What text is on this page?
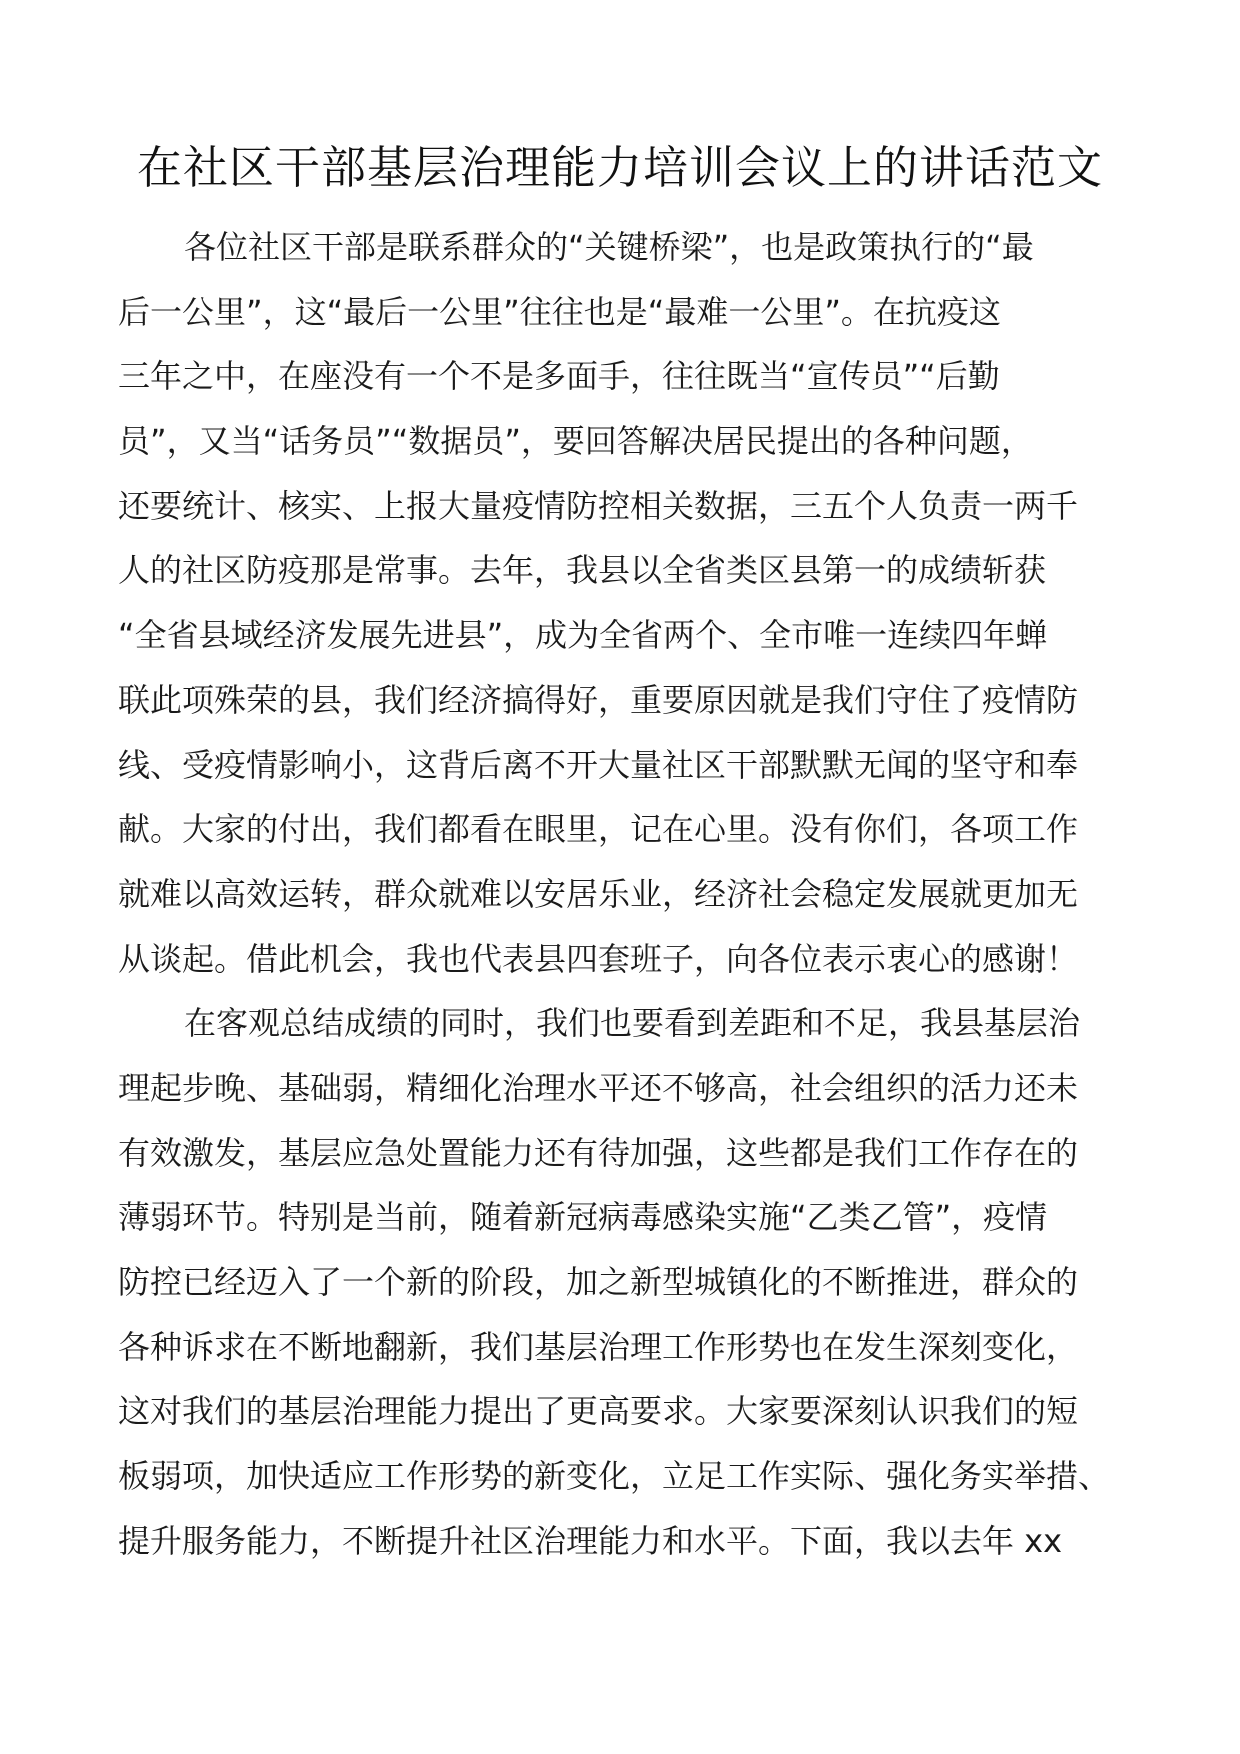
在社区干部基层治理能力培训会议上的讲话范文

各位社区干部是联系群众的“关键桥梁”，也是政策执行的“最
后一公里”，这“最后一公里”往往也是“最难一公里”。在抗疫这
三年之中，在座没有一个不是多面手，往往既当“宣传员”“后勤
员”，又当“话务员”“数据员”，要回答解决居民提出的各种问题，
还要统计、核实、上报大量疫情防控相关数据，三五个人负责一两千
人的社区防疫那是常事。去年，我县以全省类区县第一的成绩斩获
“全省县域经济发展先进县”，成为全省两个、全市唯一连续四年蝉
联此项殊荣的县，我们经济搞得好，重要原因就是我们守住了疫情防
线、受疫情影响小，这背后离不开大量社区干部默默无闻的坚守和奉
献。大家的付出，我们都看在眼里，记在心里。没有你们，各项工作
就难以高效运转，群众就难以安居乐业，经济社会稳定发展就更加无
从谈起。借此机会，我也代表县四套班子，向各位表示衷心的感谢！

在客观总结成绩的同时，我们也要看到差距和不足，我县基层治
理起步晚、基础弱，精细化治理水平还不够高，社会组织的活力还未
有效激发，基层应急处置能力还有待加强，这些都是我们工作存在的
薄弱环节。特别是当前，随着新冠病毒感染实施“乙类乙管”，疫情
防控已经迈入了一个新的阶段，加之新型城镇化的不断推进，群众的
各种诉求在不断地翻新，我们基层治理工作形势也在发生深刻变化，
这对我们的基层治理能力提出了更高要求。大家要深刻认识我们的短
板弱项，加快适应工作形势的新变化，立足工作实际、强化务实举措、
提升服务能力，不断提升社区治理能力和水平。下面，我以去年 xx
